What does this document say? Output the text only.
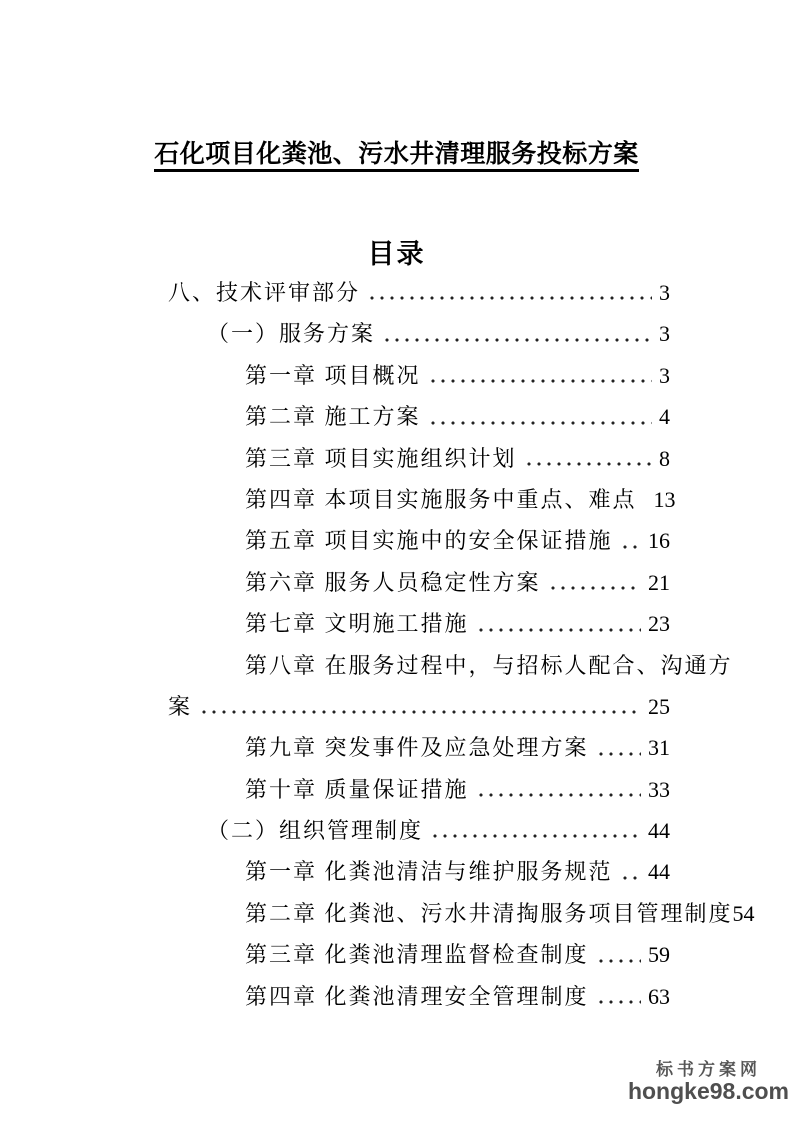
石化项目化粪池、污水井清理服务投标方案
目录
八、技术评审部分	3
（一）服务方案	3
第一章 项目概况	3
第二章 施工方案	4
第三章 项目实施组织计划	8
第四章 本项目实施服务中重点、难点 13
第五章 项目实施中的安全保证措施 16
第六章 服务人员稳定性方案	21
第七章 文明施工措施	23
第八章 在服务过程中，与招标人配合、沟通方
案	25
第九章 突发事件及应急处理方案	31
第十章 质量保证措施	33
（二）组织管理制度	44
第一章 化粪池清洁与维护服务规范 44
第二章 化粪池、污水井清掏服务项目管理制度 54
第三章 化粪池清理监督检查制度	59
第四章 化粪池清理安全管理制度	63
标书方案网
hongke98.com
